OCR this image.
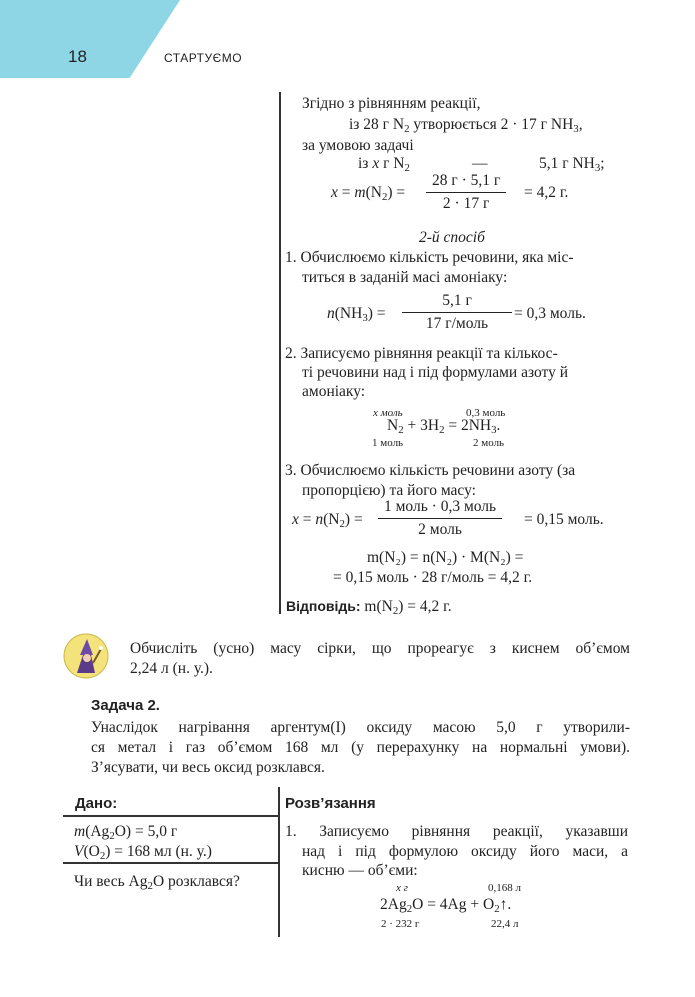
18	СТАРТУЄМО
Згідно з рівнянням реакції,
із 28 г $N_2$ утворюється 2 · 17 г $NH_3$,
за умовою задачі
із x г $N_2$	—	5,1 г $NH_3$;
$x = m(N_2)$ =
28 г · 5,1 г
2 · 17 г
= 4,2 г.
2-й спосіб
1. Обчислюємо кількість речовини, яка міс-
титься в заданій масі амоніаку:
$n(NH_3)$ =
5,1 г
17 г/моль
= 0,3 моль.
2. Записуємо рівняння реакції та кількос-
ті речовини над і під формулами азоту й
амоніаку:
x моль	0,3 моль
$N_2 + 3H_2 = 2NH_3$.
1 моль	2 моль
3. Обчислюємо кількість речовини азоту (за
пропорцією) та його масу:
$x = n(N_2)$ =
1 моль · 0,3 моль
2 моль
= 0,15 моль.
m(N₂) = n(N₂) · M(N₂) =
= 0,15 моль · 28 г/моль = 4,2 г.
Відповідь: $m(N_2) = 4,2$ г.
Обчисліть (усно) масу сірки, що прореагує з киснем об’ємом
2,24 л (н. у.).
Задача 2.
Унаслідок нагрівання аргентум(I) оксиду масою 5,0 г утворили-
ся метал і газ об’ємом 168 мл (у перерахунку на нормальні умови).
З’ясувати, чи весь оксид розклався.
Дано:	Розв’язання
$m(Ag_2O) = 5,0$ г
$V(O_2) = 168$ мл (н. у.)
Чи весь $Ag_2O$ розклався?
1. Записуємо рівняння реакції, указавши
над і під формулою оксиду його маси, а
кисню — об’єми:
x г	0,168 л
$2Ag_2O = 4Ag$ + $O_2↑$.
2 · 232 г	22,4 л
